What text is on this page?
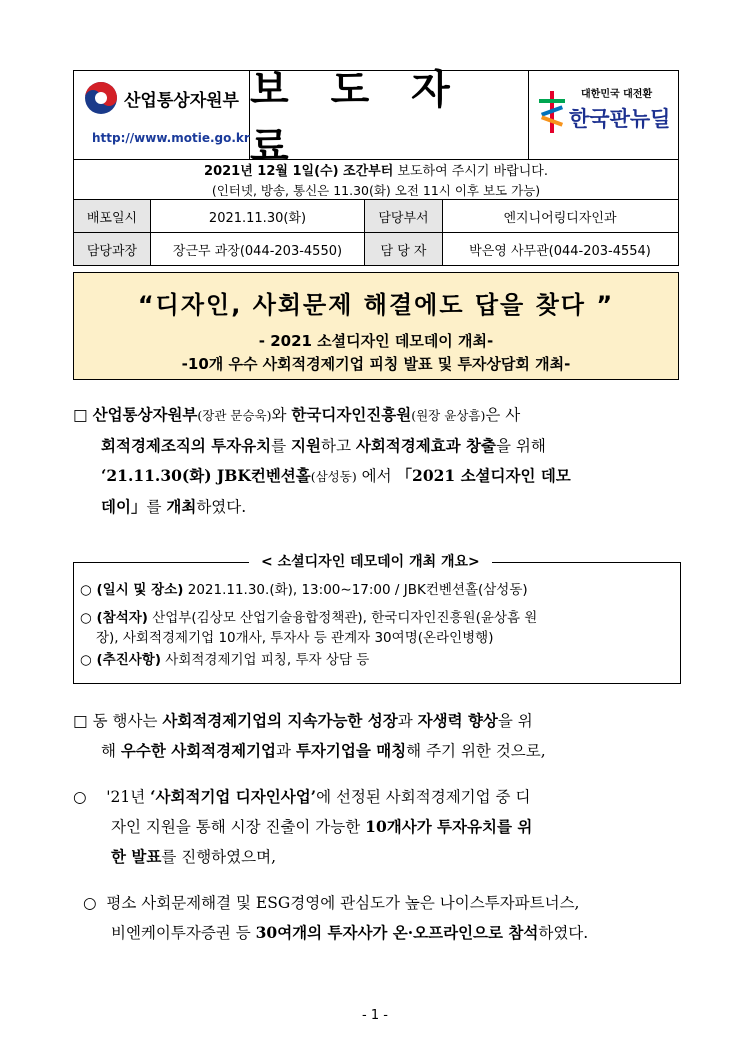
산업통상자원부
http://www.motie.go.kr
보 도 자 료
대한민국 대전환
한국판뉴딜
2021년 12월 1일(수) 조간부터 보도하여 주시기 바랍니다.
(인터넷, 방송, 통신은 11.30(화) 오전 11시 이후 보도 가능)
배포일시	2021.11.30(화)	담당부서	엔지니어링디자인과
담당과장	장근무 과장(044-203-4550)	담 당 자	박은영 사무관(044-203-4554)
“디자인, 사회문제 해결에도 답을 찾다 ”
- 2021 소셜디자인 데모데이 개최-
-10개 우수 사회적경제기업 피칭 발표 및 투자상담회 개최-
□ 산업통상자원부(장관 문승욱)와 한국디자인진흥원(원장 윤상흠)은 사
회적경제조직의 투자유치를 지원하고 사회적경제효과 창출을 위해
‘21.11.30(화) JBK컨벤션홀(삼성동) 에서 「2021 소셜디자인 데모
데이」를 개최하였다.
< 소셜디자인 데모데이 개최 개요>
○ (일시 및 장소) 2021.11.30.(화), 13:00∼17:00 / JBK컨벤션홀(삼성동)
○ (참석자) 산업부(김상모 산업기술융합정책관), 한국디자인진흥원(윤상흠 원
장), 사회적경제기업 10개사, 투자사 등 관계자 30여명(온라인병행)
○ (추진사항) 사회적경제기업 피칭, 투자 상담 등
□ 동 행사는 사회적경제기업의 지속가능한 성장과 자생력 향상을 위
해 우수한 사회적경제기업과 투자기업을 매칭해 주기 위한 것으로,
○ '21년 ‘사회적기업 디자인사업’에 선정된 사회적경제기업 중 디
자인 지원을 통해 시장 진출이 가능한 10개사가 투자유치를 위
한 발표를 진행하였으며,
○ 평소 사회문제해결 및 ESG경영에 관심도가 높은 나이스투자파트너스,
비엔케이투자증권 등 30여개의 투자사가 온·오프라인으로 참석하였다.
- 1 -
